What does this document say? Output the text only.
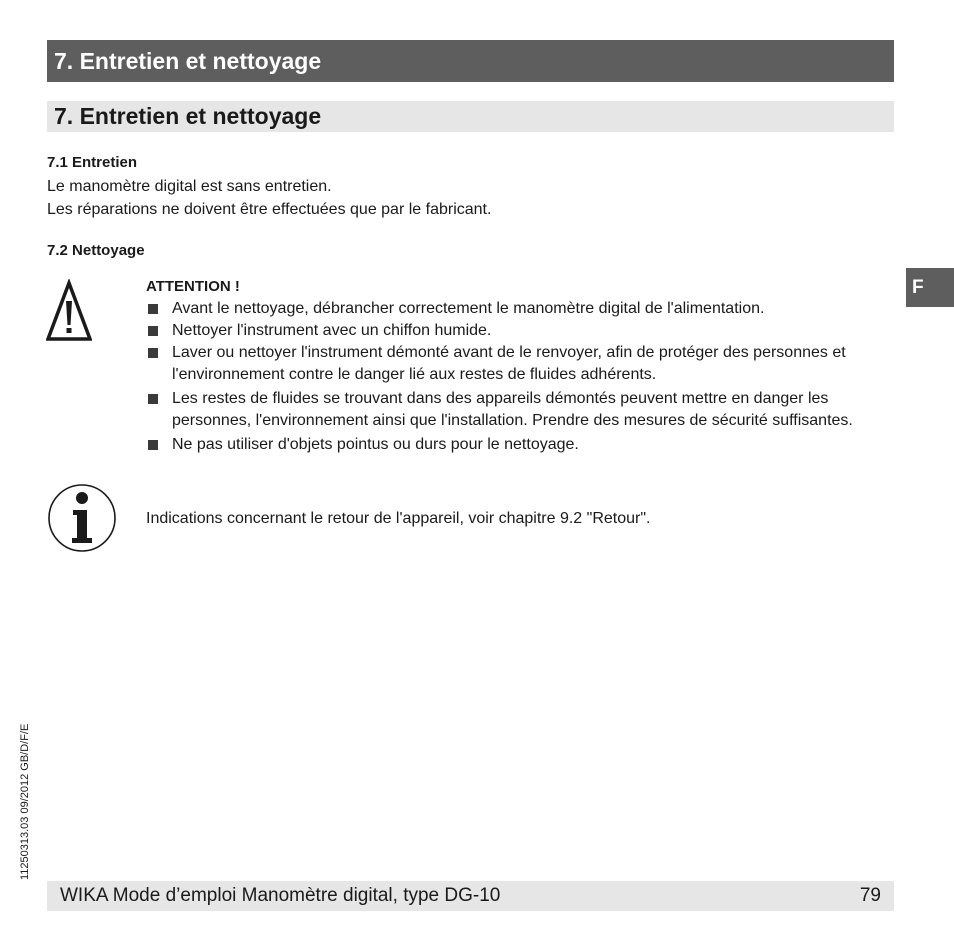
7. Entretien et nettoyage
7. Entretien et nettoyage
7.1 Entretien
Le manomètre digital est sans entretien.
Les réparations ne doivent être effectuées que par le fabricant.
7.2 Nettoyage
ATTENTION !
Avant le nettoyage, débrancher correctement le manomètre digital de l'alimentation.
Nettoyer l'instrument avec un chiffon humide.
Laver ou nettoyer l'instrument démonté avant de le renvoyer, afin de protéger des personnes et l'environnement contre le danger lié aux restes de fluides adhérents.
Les restes de fluides se trouvant dans des appareils démontés peuvent mettre en danger les personnes, l'environnement ainsi que l'installation. Prendre des mesures de sécurité suffisantes.
Ne pas utiliser d'objets pointus ou durs pour le nettoyage.
Indications concernant le retour de l'appareil, voir chapitre 9.2 "Retour".
F
11250313.03 09/2012 GB/D/F/E
WIKA Mode d’emploi Manomètre digital, type DG-10	79
